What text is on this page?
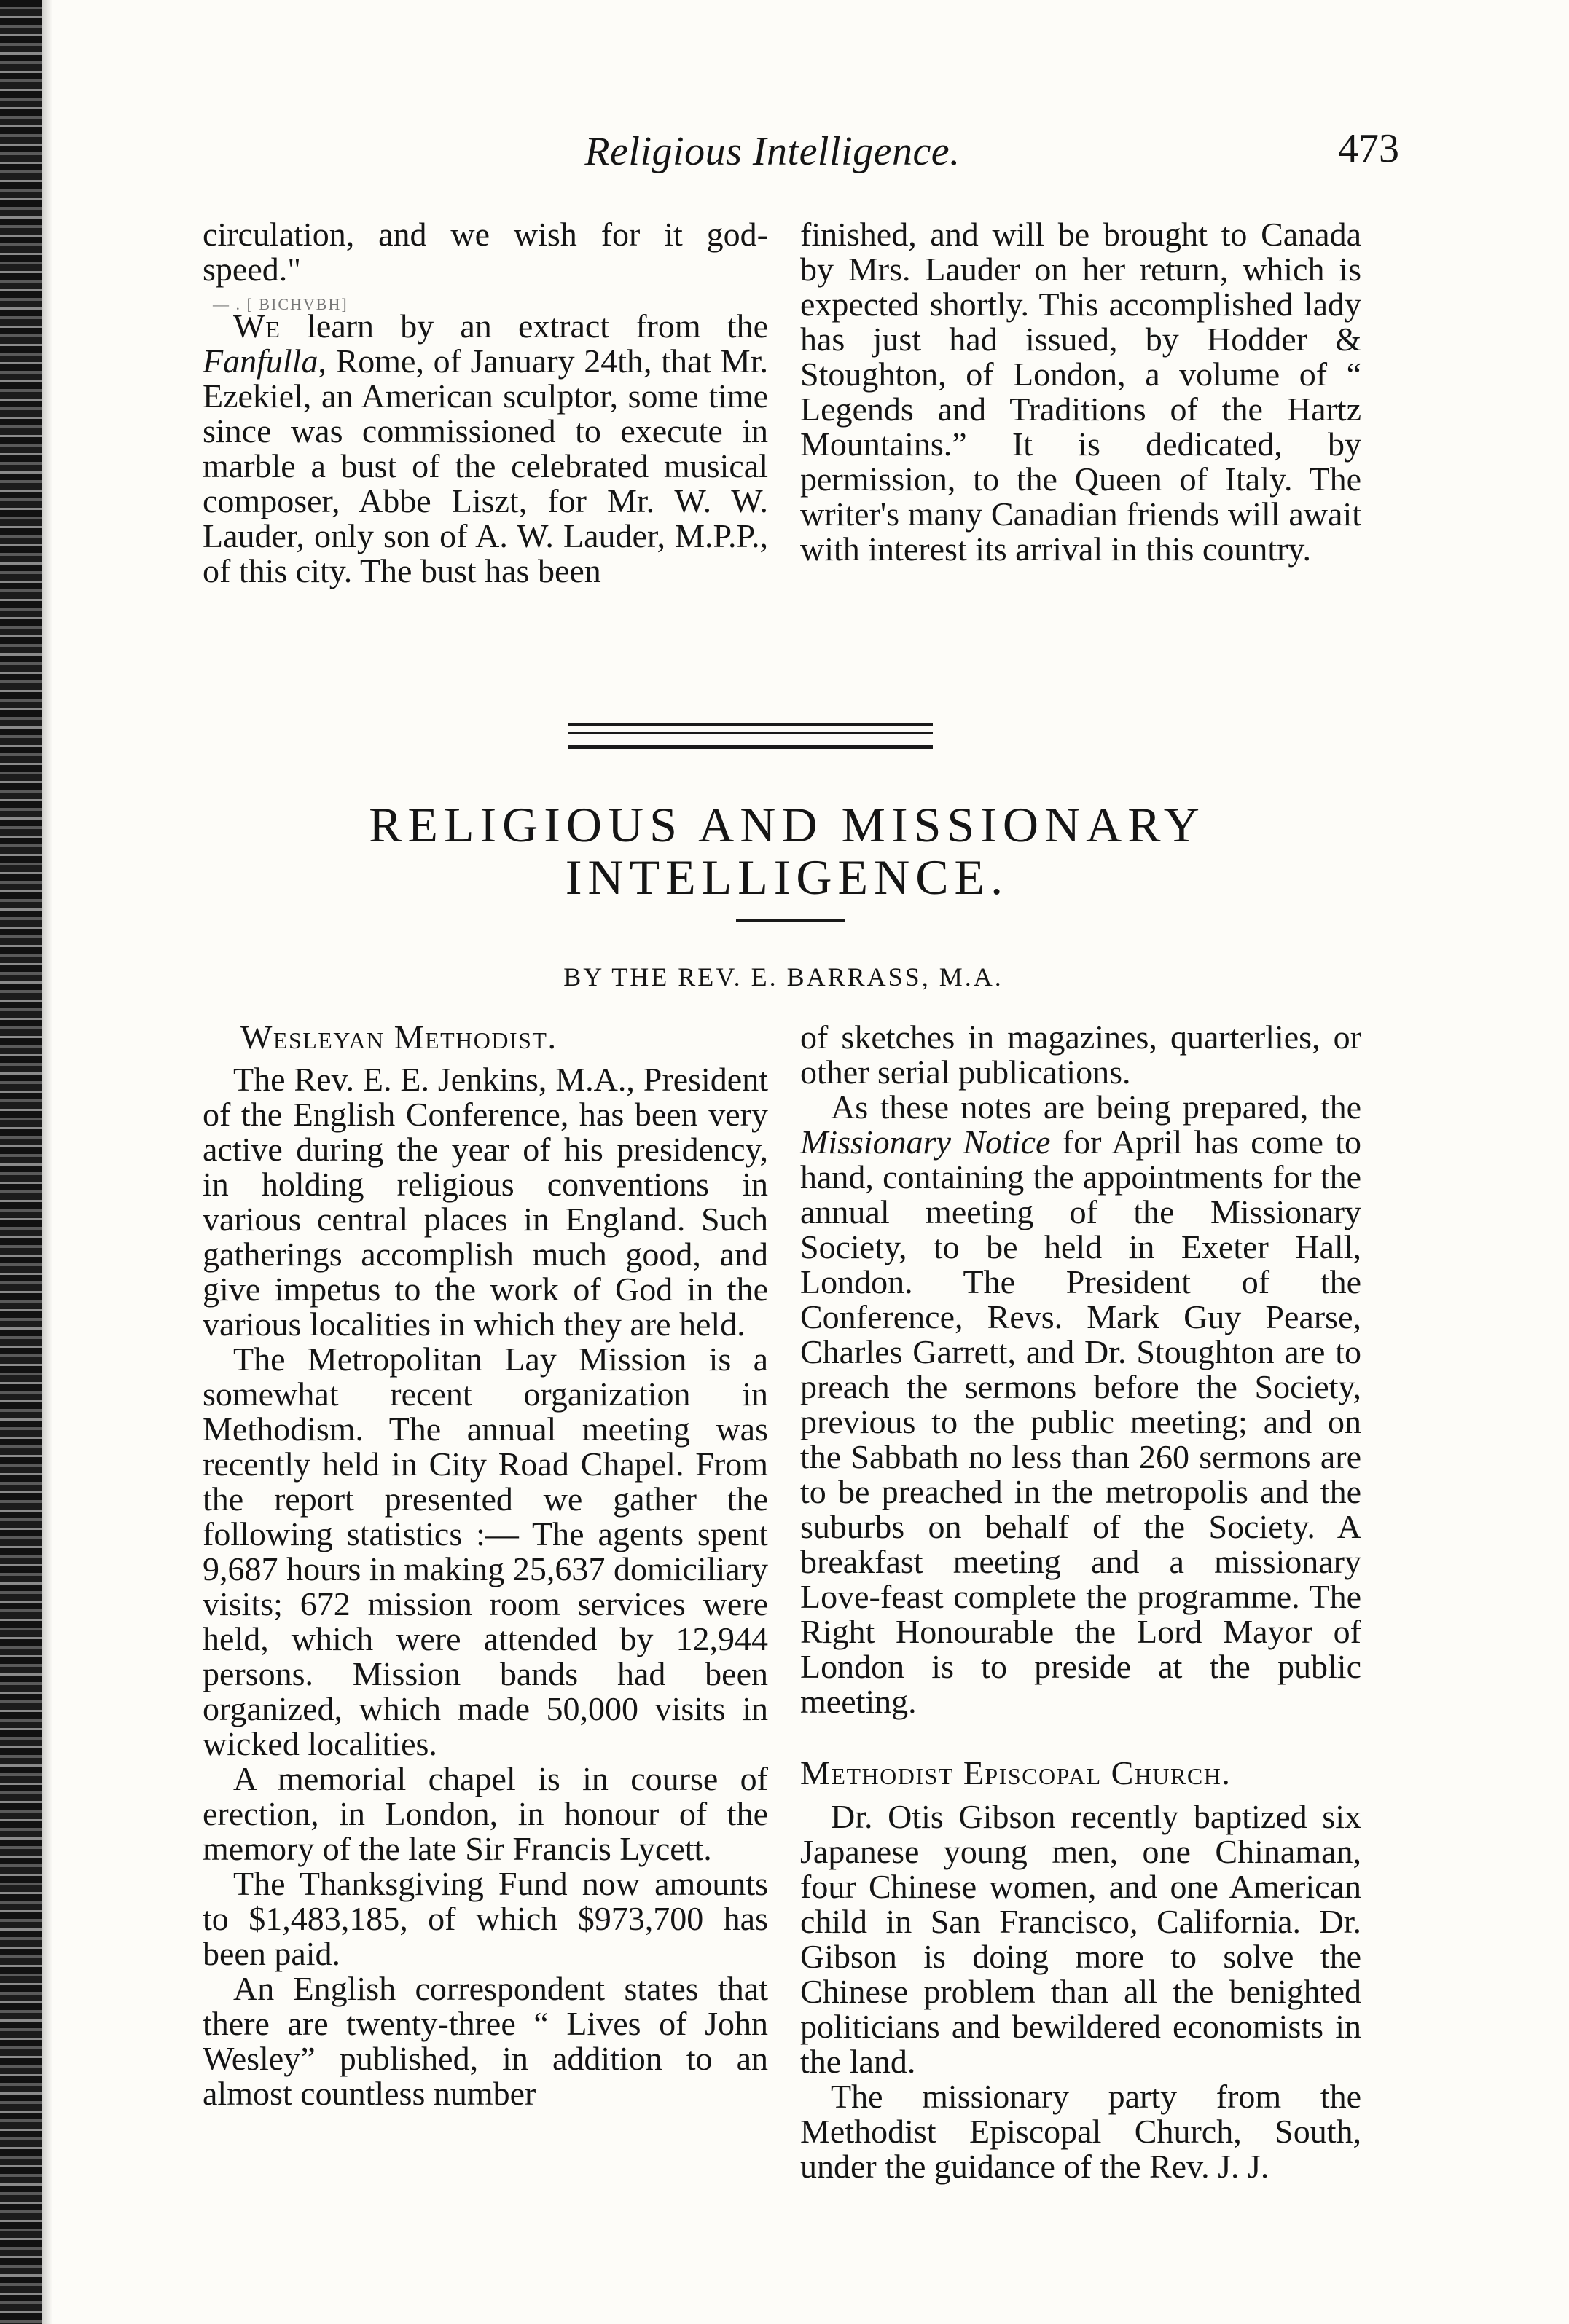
Religious Intelligence.	473

circulation, and we wish for it god-speed."

— . [ BICHVBH]

We learn by an extract from the Fanfulla, Rome, of January 24th, that Mr. Ezekiel, an American sculptor, some time since was commissioned to execute in marble a bust of the celebrated musical composer, Abbe Liszt, for Mr. W. W. Lauder, only son of A. W. Lauder, M.P.P., of this city. The bust has been

finished, and will be brought to Canada by Mrs. Lauder on her return, which is expected shortly. This accomplished lady has just had issued, by Hodder & Stoughton, of London, a volume of “ Legends and Traditions of the Hartz Mountains.” It is dedicated, by permission, to the Queen of Italy. The writer's many Canadian friends will await with interest its arrival in this country.

RELIGIOUS AND MISSIONARY
INTELLIGENCE.
BY THE REV. E. BARRASS, M.A.
Wesleyan Methodist.

The Rev. E. E. Jenkins, M.A., President of the English Conference, has been very active during the year of his presidency, in holding religious conventions in various central places in England. Such gatherings accomplish much good, and give impetus to the work of God in the various localities in which they are held.

The Metropolitan Lay Mission is a somewhat recent organization in Methodism. The annual meeting was recently held in City Road Chapel. From the report presented we gather the following statistics :— The agents spent 9,687 hours in making 25,637 domiciliary visits; 672 mission room services were held, which were attended by 12,944 persons. Mission bands had been organized, which made 50,000 visits in wicked localities.

A memorial chapel is in course of erection, in London, in honour of the memory of the late Sir Francis Lycett.

The Thanksgiving Fund now amounts to $1,483,185, of which $973,700 has been paid.

An English correspondent states that there are twenty-three “ Lives of John Wesley” published, in addition to an almost countless number

of sketches in magazines, quarterlies, or other serial publications.

As these notes are being prepared, the Missionary Notice for April has come to hand, containing the appointments for the annual meeting of the Missionary Society, to be held in Exeter Hall, London. The President of the Conference, Revs. Mark Guy Pearse, Charles Garrett, and Dr. Stoughton are to preach the sermons before the Society, previous to the public meeting; and on the Sabbath no less than 260 sermons are to be preached in the metropolis and the suburbs on behalf of the Society. A breakfast meeting and a missionary Love-feast complete the programme. The Right Honourable the Lord Mayor of London is to preside at the public meeting.

Methodist Episcopal Church.

Dr. Otis Gibson recently baptized six Japanese young men, one Chinaman, four Chinese women, and one American child in San Francisco, California. Dr. Gibson is doing more to solve the Chinese problem than all the benighted politicians and bewildered economists in the land.

The missionary party from the Methodist Episcopal Church, South, under the guidance of the Rev. J. J.
